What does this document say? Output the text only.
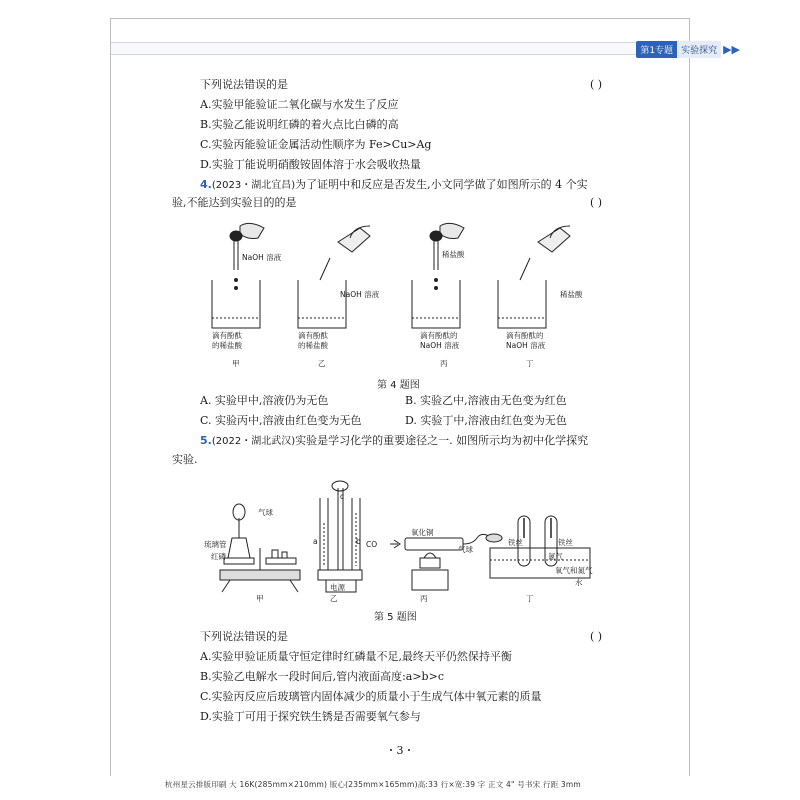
第1专题 实验探究 ▶▶
下列说法错误的是	( )
A.实验甲能验证二氧化碳与水发生了反应
B.实验乙能说明红磷的着火点比白磷的高
C.实验丙能验证金属活动性顺序为 Fe>Cu>Ag
D.实验丁能说明硝酸铵固体溶于水会吸收热量
4.(2023・湖北宜昌)为了证明中和反应是否发生,小文同学做了如图所示的 4 个实
验,不能达到实验目的的是	( )
NaOH 溶液
NaOH 溶液
稀盐酸
稀盐酸
滴有酚酞
的稀盐酸
滴有酚酞
的稀盐酸
滴有酚酞的
NaOH 溶液
滴有酚酞的
NaOH 溶液
甲	乙	丙	丁
第 4 题图
A. 实验甲中,溶液仍为无色	B. 实验乙中,溶液由无色变为红色
C. 实验丙中,溶液由红色变为无色	D. 实验丁中,溶液由红色变为无色
5.(2022・湖北武汉)实验是学习化学的重要途径之一. 如图所示均为初中化学探究
实验.
气球
琉璃管
红磷
a	b
c
电源
CO
氧化铜
气球
铁丝	铁丝
氮气
氧气和氮气
水
甲	乙	丙	丁
第 5 题图
下列说法错误的是	( )
A.实验甲验证质量守恒定律时红磷量不足,最终天平仍然保持平衡
B.实验乙电解水一段时间后,管内液面高度:a>b>c
C.实验丙反应后玻璃管内固体减少的质量小于生成气体中氧元素的质量
D.实验丁可用于探究铁生锈是否需要氧气参与
・3・
杭州星云排版印刷 大 16K(285mm×210mm) 版心(235mm×165mm)高:33 行×宽:39 字 正文 4" 号书宋 行距 3mm
